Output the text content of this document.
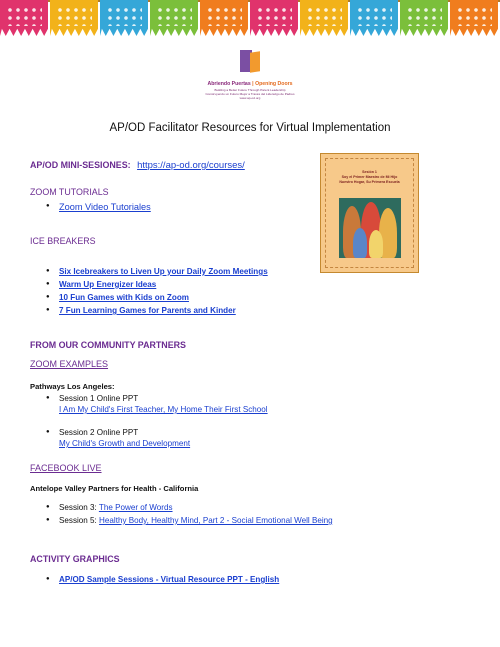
Abriendo Puertas | Opening Doors
Building a Better Future Through Parent Leadership
Construyendo un Futuro Mejor a Través del Liderazgo de Padres
www.ap-od.org
AP/OD Facilitator Resources for Virtual Implementation
AP/OD MINI-SESIONES: https://ap-od.org/courses/
ZOOM TUTORIALS
●	Zoom Video Tutoriales
ICE BREAKERS
●	Six Icebreakers to Liven Up your Daily Zoom Meetings
●	Warm Up Energizer Ideas
●	10 Fun Games with Kids on Zoom
●	7 Fun Learning Games for Parents and Kinder
FROM OUR COMMUNITY PARTNERS
ZOOM EXAMPLES
Pathways Los Angeles:
●	Session 1 Online PPT
I Am My Child's First Teacher, My Home Their First School
●	Session 2 Online PPT
My Child's Growth and Development
FACEBOOK LIVE
Antelope Valley Partners for Health - California
●	Session 3: The Power of Words
●	Session 5: Healthy Body, Healthy Mind, Part 2 - Social Emotional Well Being
ACTIVITY GRAPHICS
●	AP/OD Sample Sessions - Virtual Resource PPT - English
Sesión 1
Soy el Primer Maestro de Mi Hijo
Nuestro Hogar, Su Primera Escuela
